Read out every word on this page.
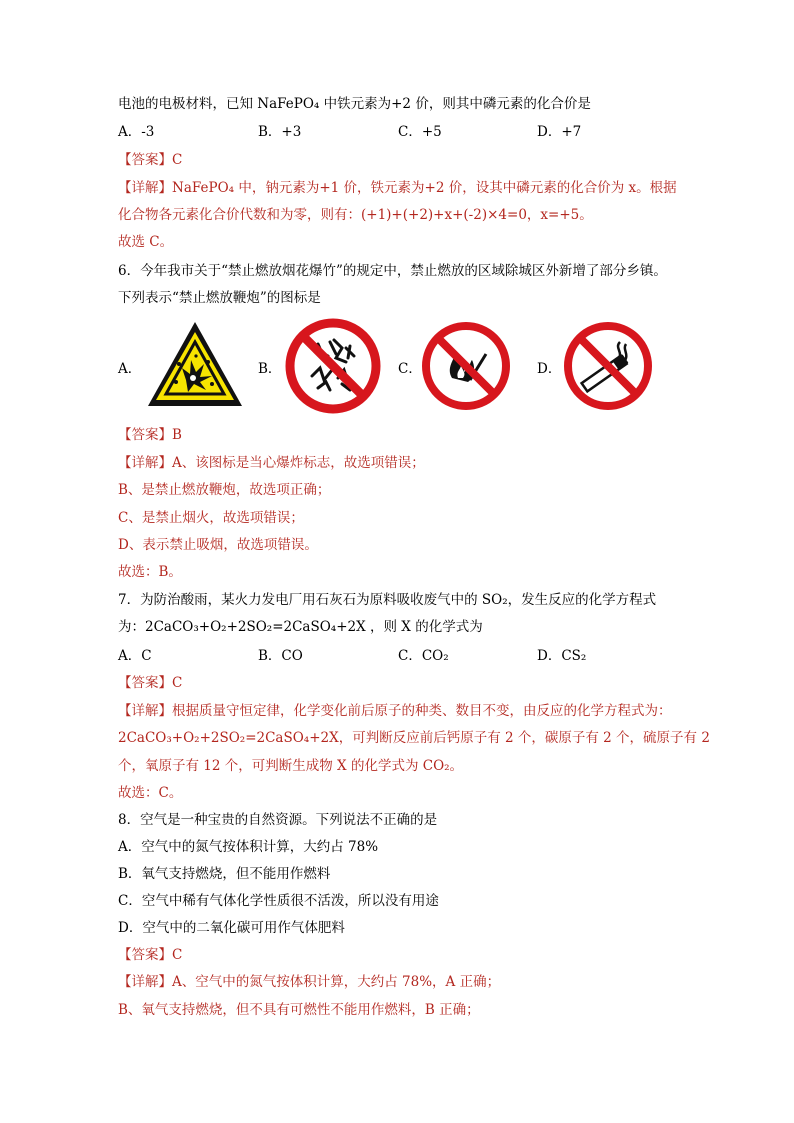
电池的电极材料，已知 NaFePO₄ 中铁元素为+2 价，则其中磷元素的化合价是
A．-3	B．+3	C．+5	D．+7
【答案】C
【详解】NaFePO₄ 中，钠元素为+1 价，铁元素为+2 价，设其中磷元素的化合价为 x。根据
化合物各元素化合价代数和为零，则有：(+1)+(+2)+x+(-2)×4=0，x=+5。
故选 C。
6．今年我市关于“禁止燃放烟花爆竹”的规定中，禁止燃放的区域除城区外新增了部分乡镇。
下列表示“禁止燃放鞭炮”的图标是
A．	B．	C．	D．
【答案】B
【详解】A、该图标是当心爆炸标志，故选项错误；
B、是禁止燃放鞭炮，故选项正确；
C、是禁止烟火，故选项错误；
D、表示禁止吸烟，故选项错误。
故选：B。
7．为防治酸雨，某火力发电厂用石灰石为原料吸收废气中的 SO₂，发生反应的化学方程式
为：2CaCO₃+O₂+2SO₂=2CaSO₄+2X ，则 X 的化学式为
A．C	B．CO	C．CO₂	D．CS₂
【答案】C
【详解】根据质量守恒定律，化学变化前后原子的种类、数目不变，由反应的化学方程式为：
2CaCO₃+O₂+2SO₂=2CaSO₄+2X，可判断反应前后钙原子有 2 个，碳原子有 2 个，硫原子有 2
个，氧原子有 12 个，可判断生成物 X 的化学式为 CO₂。
故选：C。
8．空气是一种宝贵的自然资源。下列说法不正确的是
A．空气中的氮气按体积计算，大约占 78%
B．氧气支持燃烧，但不能用作燃料
C．空气中稀有气体化学性质很不活泼，所以没有用途
D．空气中的二氧化碳可用作气体肥料
【答案】C
【详解】A、空气中的氮气按体积计算，大约占 78%，A 正确；
B、氧气支持燃烧，但不具有可燃性不能用作燃料，B 正确；
